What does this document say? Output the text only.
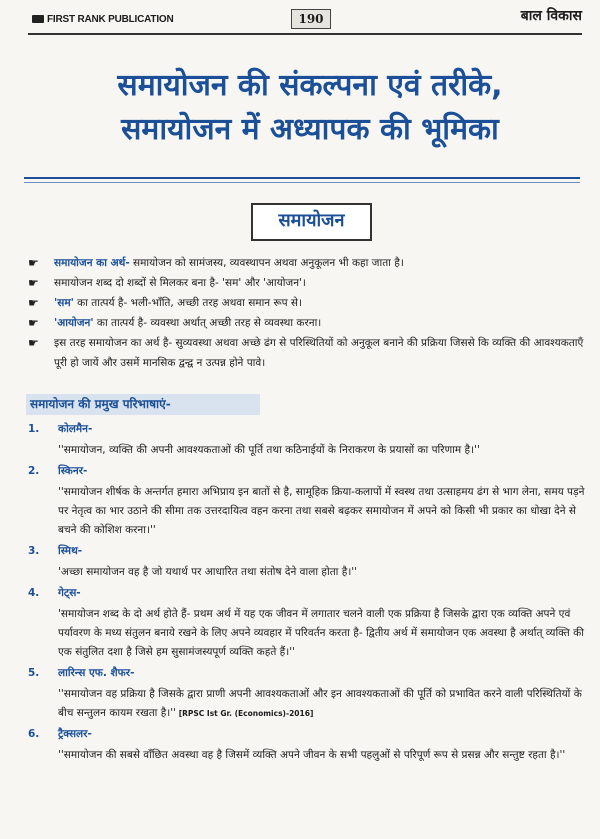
FIRST RANK PUBLICATION	190	बाल विकास
समायोजन की संकल्पना एवं तरीके,
समायोजन में अध्यापक की भूमिका
समायोजन
☛	समायोजन का अर्थ- समायोजन को सामंजस्य, व्यवस्थापन अथवा अनुकूलन भी कहा जाता है।
☛	समायोजन शब्द दो शब्दों से मिलकर बना है- 'सम' और 'आयोजन'।
☛	'सम' का तात्पर्य है- भली-भाँति, अच्छी तरह अथवा समान रूप से।
☛	'आयोजन' का तात्पर्य है- व्यवस्था अर्थात् अच्छी तरह से व्यवस्था करना।
☛	इस तरह समायोजन का अर्थ है- सुव्यवस्था अथवा अच्छे ढंग से परिस्थितियों को अनुकूल बनाने की प्रक्रिया जिससे कि व्यक्ति की आवश्यकताएँ पूरी हो जायें और उसमें मानसिक द्वन्द्व न उत्पन्न होने पावे।
समायोजन की प्रमुख परिभाषाएं-
1.	कोलमैन-
''समायोजन, व्यक्ति की अपनी आवश्यकताओं की पूर्ति तथा कठिनाईयों के निराकरण के प्रयासों का परिणाम है।''
2.	स्किनर-
''समायोजन शीर्षक के अन्तर्गत हमारा अभिप्राय इन बातों से है, सामूहिक क्रिया-कलापों में स्वस्थ तथा उत्साहमय ढंग से भाग लेना, समय पड़ने पर नेतृत्व का भार उठाने की सीमा तक उत्तरदायित्व वहन करना तथा सबसे बढ़कर समायोजन में अपने को किसी भी प्रकार का धोखा देने से बचने की कोशिश करना।''
3.	स्मिथ-
'अच्छा समायोजन वह है जो यथार्थ पर आधारित तथा संतोष देने वाला होता है।''
4.	गेट्स-
'समायोजन शब्द के दो अर्थ होते हैं- प्रथम अर्थ में यह एक जीवन में लगातार चलने वाली एक प्रक्रिया है जिसके द्वारा एक व्यक्ति अपने एवं पर्यावरण के मध्य संतुलन बनाये रखने के लिए अपने व्यवहार में परिवर्तन करता है- द्वितीय अर्थ में समायोजन एक अवस्था है अर्थात् व्यक्ति की एक संतुलित दशा है जिसे हम सुसामंजस्यपूर्ण व्यक्ति कहते हैं।''
5.	लारिन्स एफ. शैफर-
''समायोजन वह प्रक्रिया है जिसके द्वारा प्राणी अपनी आवश्यकताओं और इन आवश्यकताओं की पूर्ति को प्रभावित करने वाली परिस्थितियों के बीच सन्तुलन कायम रखता है।'' [RPSC Ist Gr. (Economics)-2016]
6.	ट्रैक्सलर-
''समायोजन की सबसे वाँछित अवस्था वह है जिसमें व्यक्ति अपने जीवन के सभी पहलुओं से परिपूर्ण रूप से प्रसन्न और सन्तुष्ट रहता है।''
